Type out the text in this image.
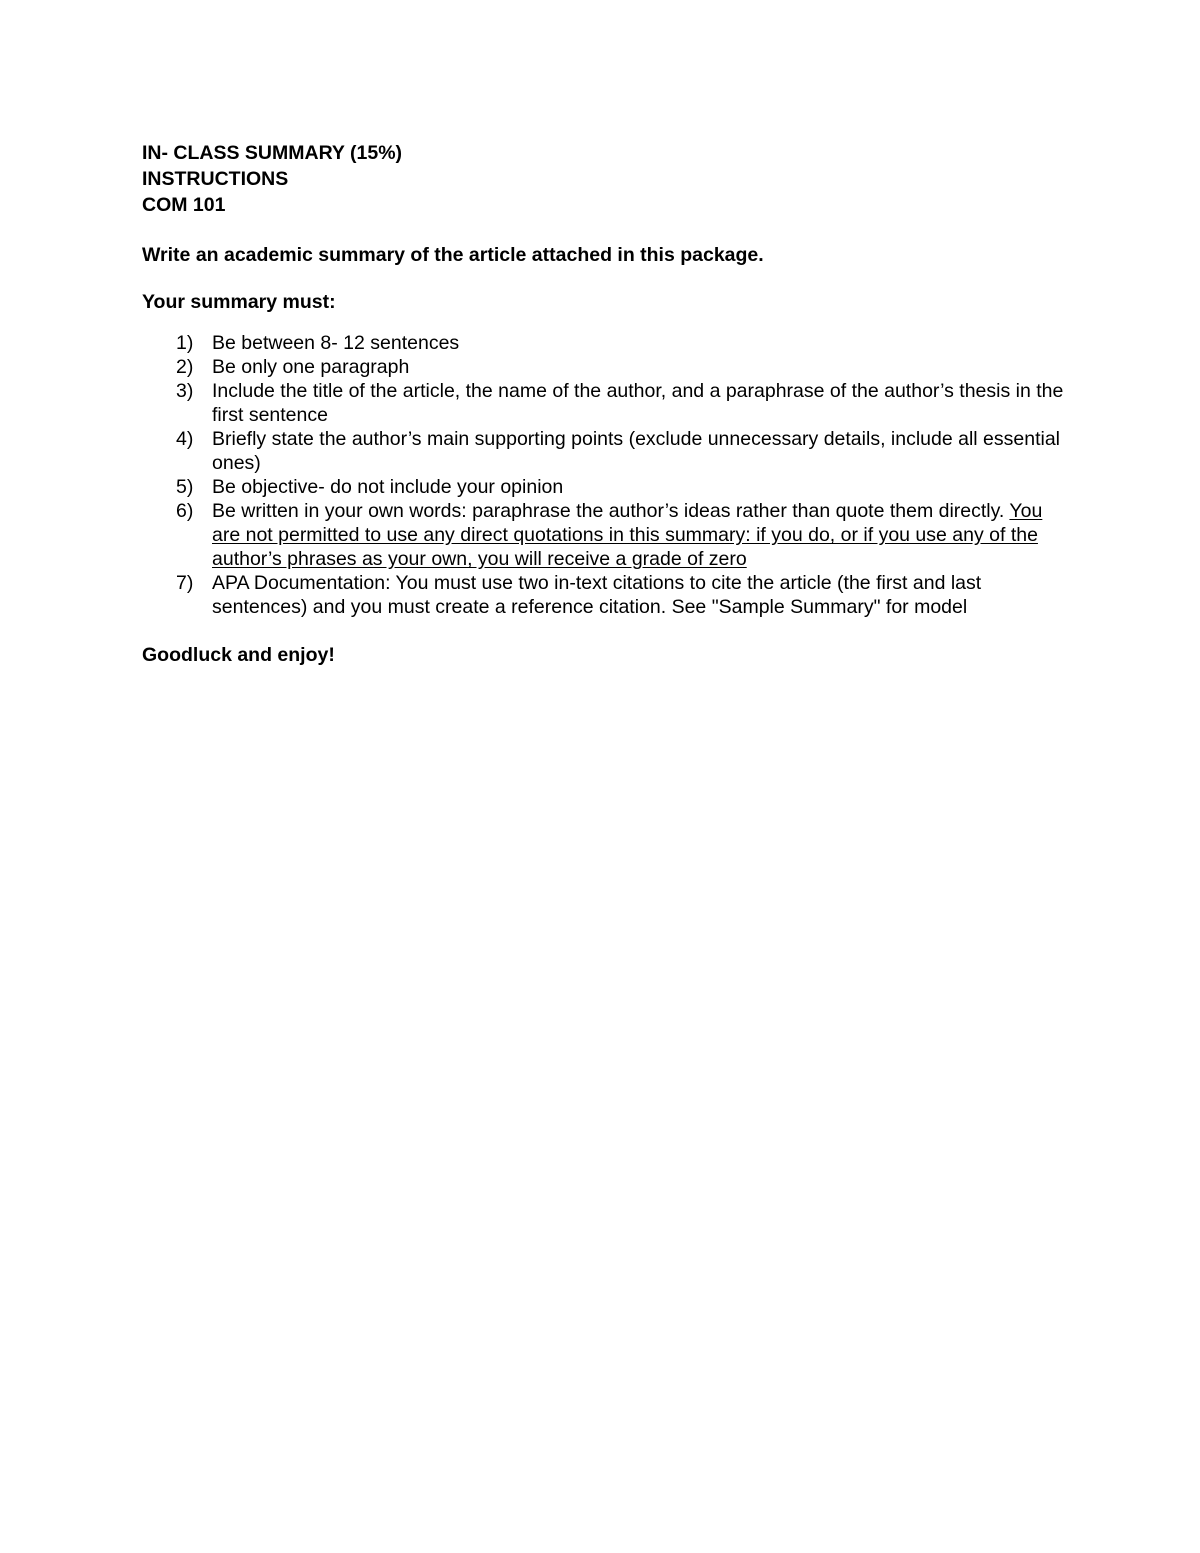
IN- CLASS SUMMARY (15%)
INSTRUCTIONS
COM 101
Write an academic summary of the article attached in this package.
Your summary must:
1) Be between 8- 12 sentences
2) Be only one paragraph
3) Include the title of the article, the name of the author, and a paraphrase of the author’s thesis in the first sentence
4) Briefly state the author’s main supporting points (exclude unnecessary details, include all essential ones)
5) Be objective- do not include your opinion
6) Be written in your own words: paraphrase the author’s ideas rather than quote them directly. You are not permitted to use any direct quotations in this summary: if you do, or if you use any of the author’s phrases as your own, you will receive a grade of zero
7) APA Documentation: You must use two in-text citations to cite the article (the first and last sentences) and you must create a reference citation. See "Sample Summary" for model
Goodluck and enjoy!
